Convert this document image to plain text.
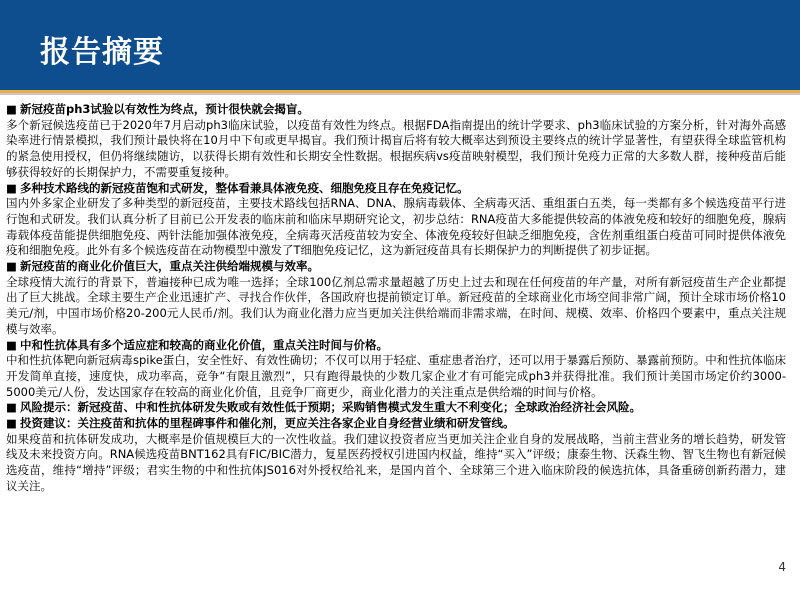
报告摘要

■ 新冠疫苗ph3试验以有效性为终点，预计很快就会揭盲。

多个新冠候选疫苗已于2020年7月启动ph3临床试验，以疫苗有效性为终点。根据FDA指南提出的统计学要求、ph3临床试验的方案分析，针对海外高感染率进行情景模拟，我们预计最快将在10月中下旬或更早揭盲。我们预计揭盲后将有较大概率达到预设主要终点的统计学显著性，有望获得全球监管机构的紧急使用授权，但仍将继续随访，以获得长期有效性和长期安全性数据。根据疾病vs疫苗映射模型，我们预计免疫力正常的大多数人群，接种疫苗后能够获得较好的长期保护力，不需要重复接种。

■ 多种技术路线的新冠疫苗饱和式研发，整体看兼具体液免疫、细胞免疫且存在免疫记忆。

国内外多家企业研发了多种类型的新冠疫苗，主要技术路线包括RNA、DNA、腺病毒载体、全病毒灭活、重组蛋白五类，每一类都有多个候选疫苗平行进行饱和式研发。我们认真分析了目前已公开发表的临床前和临床早期研究论文，初步总结：RNA疫苗大多能提供较高的体液免疫和较好的细胞免疫，腺病毒载体疫苗能提供细胞免疫、两针法能加强体液免疫，全病毒灭活疫苗较为安全、体液免疫较好但缺乏细胞免疫，含佐剂重组蛋白疫苗可同时提供体液免疫和细胞免疫。此外有多个候选疫苗在动物模型中激发了T细胞免疫记忆，这为新冠疫苗具有长期保护力的判断提供了初步证据。

■ 新冠疫苗的商业化价值巨大，重点关注供给端规模与效率。

全球疫情大流行的背景下，普遍接种已成为唯一选择；全球100亿剂总需求量超越了历史上过去和现在任何疫苗的年产量，对所有新冠疫苗生产企业都提出了巨大挑战。全球主要生产企业迅速扩产、寻找合作伙伴，各国政府也提前锁定订单。新冠疫苗的全球商业化市场空间非常广阔，预计全球市场价格10美元/剂，中国市场价格20-200元人民币/剂。我们认为商业化潜力应当更加关注供给端而非需求端，在时间、规模、效率、价格四个要素中，重点关注规模与效率。

■ 中和性抗体具有多个适应症和较高的商业化价值，重点关注时间与价格。

中和性抗体靶向新冠病毒spike蛋白，安全性好、有效性确切；不仅可以用于轻症、重症患者治疗，还可以用于暴露后预防、暴露前预防。中和性抗体临床开发简单直接，速度快，成功率高，竞争“有限且激烈”，只有跑得最快的少数几家企业才有可能完成ph3并获得批准。我们预计美国市场定价约3000-5000美元/人份，发达国家存在较高的商业化价值，且竞争厂商更少，商业化潜力的关注重点是供给端的时间与价格。

■ 风险提示：新冠疫苗、中和性抗体研发失败或有效性低于预期；采购销售模式发生重大不利变化；全球政治经济社会风险。

■ 投资建议：关注疫苗和抗体的里程碑事件和催化剂，更应关注各家企业自身经营业绩和研发管线。

如果疫苗和抗体研发成功，大概率是价值规模巨大的一次性收益。我们建议投资者应当更加关注企业自身的发展战略，当前主营业务的增长趋势，研发管线及未来投资方向。RNA候选疫苗BNT162具有FIC/BIC潜力，复星医药授权引进国内权益，维持“买入”评级；康泰生物、沃森生物、智飞生物也有新冠候选疫苗，维持“增持”评级；君实生物的中和性抗体JS016对外授权给礼来，是国内首个、全球第三个进入临床阶段的候选抗体，具备重磅创新药潜力，建议关注。

4
